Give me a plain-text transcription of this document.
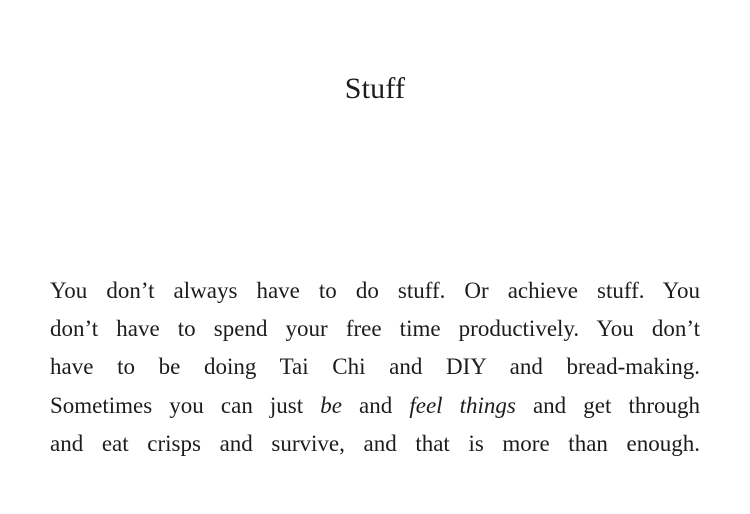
Stuff

You don’t always have to do stuff. Or achieve stuff. You
don’t have to spend your free time productively. You don’t
have to be doing Tai Chi and DIY and bread-making.
Sometimes you can just be and feel things and get through
and eat crisps and survive, and that is more than enough.
